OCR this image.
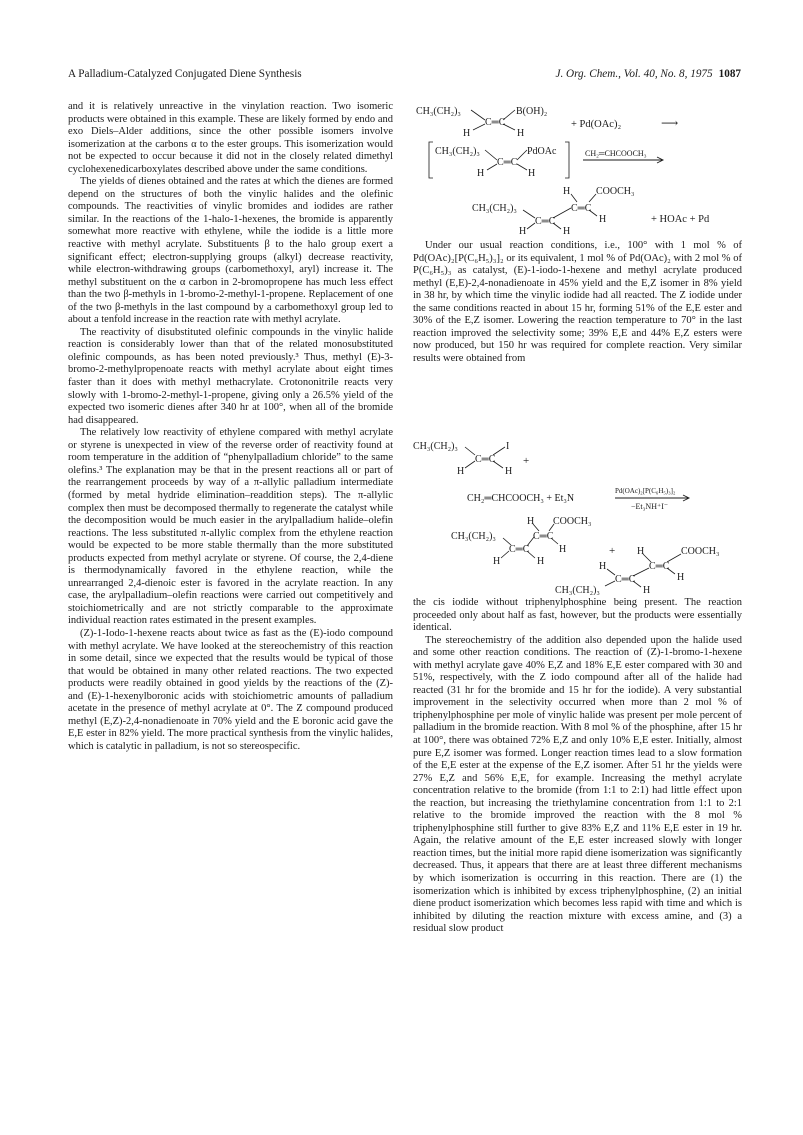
A Palladium-Catalyzed Conjugated Diene Synthesis	J. Org. Chem., Vol. 40, No. 8, 1975 1087

and it is relatively unreactive in the vinylation reaction. Two isomeric products were obtained in this example. These are likely formed by endo and exo Diels–Alder additions, since the other possible isomers involve isomerization at the carbons α to the ester groups. This isomerization would not be expected to occur because it did not in the closely related dimethyl cyclohexenedicarboxylates described above under the same conditions.

The yields of dienes obtained and the rates at which the dienes are formed depend on the structures of both the vinylic halides and the olefinic compounds. The reactivities of vinylic bromides and iodides are rather similar. In the reactions of the 1-halo-1-hexenes, the bromide is apparently somewhat more reactive with ethylene, while the iodide is a little more reactive with methyl acrylate. Substituents β to the halo group exert a significant effect; electron-supplying groups (alkyl) decrease reactivity, while electron-withdrawing groups (carbomethoxyl, aryl) increase it. The methyl substituent on the α carbon in 2-bromopropene has much less effect than the two β-methyls in 1-bromo-2-methyl-1-propene. Replacement of one of the two β-methyls in the last compound by a carbomethoxyl group led to about a tenfold increase in the reaction rate with methyl acrylate.

The reactivity of disubstituted olefinic compounds in the vinylic halide reaction is considerably lower than that of the related monosubstituted olefinic compounds, as has been noted previously.³ Thus, methyl (E)-3-bromo-2-methylpropenoate reacts with methyl acrylate about eight times faster than it does with methyl methacrylate. Crotononitrile reacts very slowly with 1-bromo-2-methyl-1-propene, giving only a 26.5% yield of the expected two isomeric dienes after 340 hr at 100°, when all of the bromide had disappeared.

The relatively low reactivity of ethylene compared with methyl acrylate or styrene is unexpected in view of the reverse order of reactivity found at room temperature in the addition of “phenylpalladium chloride” to the same olefins.³ The explanation may be that in the present reactions all or part of the rearrangement proceeds by way of a π-allylic palladium intermediate (formed by metal hydride elimination–readdition steps). The π-allylic complex then must be decomposed thermally to regenerate the catalyst while the decomposition would be much easier in the arylpalladium halide–olefin reactions. The less substituted π-allylic complex from the ethylene reaction would be expected to be more stable thermally than the more substituted products expected from methyl acrylate or styrene. Of course, the 2,4-diene is thermodynamically favored in the ethylene reaction, while the unrearranged 2,4-dienoic ester is favored in the acrylate reaction. In any case, the arylpalladium–olefin reactions were carried out competitively and stoichiometrically and are not strictly comparable to the approximate individual reaction rates estimated in the present examples.

(Z)-1-Iodo-1-hexene reacts about twice as fast as the (E)-iodo compound with methyl acrylate. We have looked at the stereochemistry of this reaction in some detail, since we expected that the results would be typical of those that would be obtained in many other related reactions. The two expected products were readily obtained in good yields by the reactions of the (Z)- and (E)-1-hexenylboronic acids with stoichiometric amounts of palladium acetate in the presence of methyl acrylate at 0°. The Z compound produced methyl (E,Z)-2,4-nonadienoate in 70% yield and the E boronic acid gave the E,E ester in 82% yield. The more practical synthesis from the vinylic halides, which is catalytic in palladium, is not so stereospecific.

CH₃(CH₂)₃	B(OH)₂
C═C
H	H
+ Pd(OAc)₂	⟶
CH₃(CH₂)₃
C═C
PdOAc
H	H
CH₂═CHCOOCH₃
H	COOCH₃
C═C
CH₃(CH₂)₃
C═C	H
H	H
+ HOAc + Pd

Under our usual reaction conditions, i.e., 100° with 1 mol % of Pd(OAc)₂[P(C₆H₅)₃]₂ or its equivalent, 1 mol % of Pd(OAc)₂ with 2 mol % of P(C₆H₅)₃ as catalyst, (E)-1-iodo-1-hexene and methyl acrylate produced methyl (E,E)-2,4-nonadienoate in 45% yield and the E,Z isomer in 8% yield in 38 hr, by which time the vinylic iodide had all reacted. The Z iodide under the same conditions reacted in about 15 hr, forming 51% of the E,E ester and 30% of the E,Z isomer. Lowering the reaction temperature to 70° in the last reaction improved the selectivity some; 39% E,E and 44% E,Z esters were now produced, but 150 hr was required for complete reaction. Very similar results were obtained from

CH₃(CH₂)₃
C═C
I
+
H	H
CH₂═CHCOOCH₃ + Et₃N
Pd(OAc)₂[P(C₆H₅)₃]₂
−Et₃NH⁺I⁻
H COOCH₃
C═C
CH₃(CH₂)₃
C═C	H	+
H	H
H	COOCH₃
C═C
H
H
C═C
CH₃(CH₂)₃	H

the cis iodide without triphenylphosphine being present. The reaction proceeded only about half as fast, however, but the products were essentially identical.

The stereochemistry of the addition also depended upon the halide used and some other reaction conditions. The reaction of (Z)-1-bromo-1-hexene with methyl acrylate gave 40% E,Z and 18% E,E ester compared with 30 and 51%, respectively, with the Z iodo compound after all of the halide had reacted (31 hr for the bromide and 15 hr for the iodide). A very substantial improvement in the selectivity occurred when more than 2 mol % of triphenylphosphine per mole of vinylic halide was present per mole percent of palladium in the bromide reaction. With 8 mol % of the phosphine, after 15 hr at 100°, there was obtained 72% E,Z and only 10% E,E ester. Initially, almost pure E,Z isomer was formed. Longer reaction times lead to a slow formation of the E,E ester at the expense of the E,Z isomer. After 51 hr the yields were 27% E,Z and 56% E,E, for example. Increasing the methyl acrylate concentration relative to the bromide (from 1:1 to 2:1) had little effect upon the reaction, but increasing the triethylamine concentration from 1:1 to 2:1 relative to the bromide improved the reaction with the 8 mol % triphenylphosphine still further to give 83% E,Z and 11% E,E ester in 19 hr. Again, the relative amount of the E,E ester increased slowly with longer reaction times, but the initial more rapid diene isomerization was significantly decreased. Thus, it appears that there are at least three different mechanisms by which isomerization is occurring in this reaction. There are (1) the isomerization which is inhibited by excess triphenylphosphine, (2) an initial diene product isomerization which becomes less rapid with time and which is inhibited by diluting the reaction mixture with excess amine, and (3) a residual slow product
